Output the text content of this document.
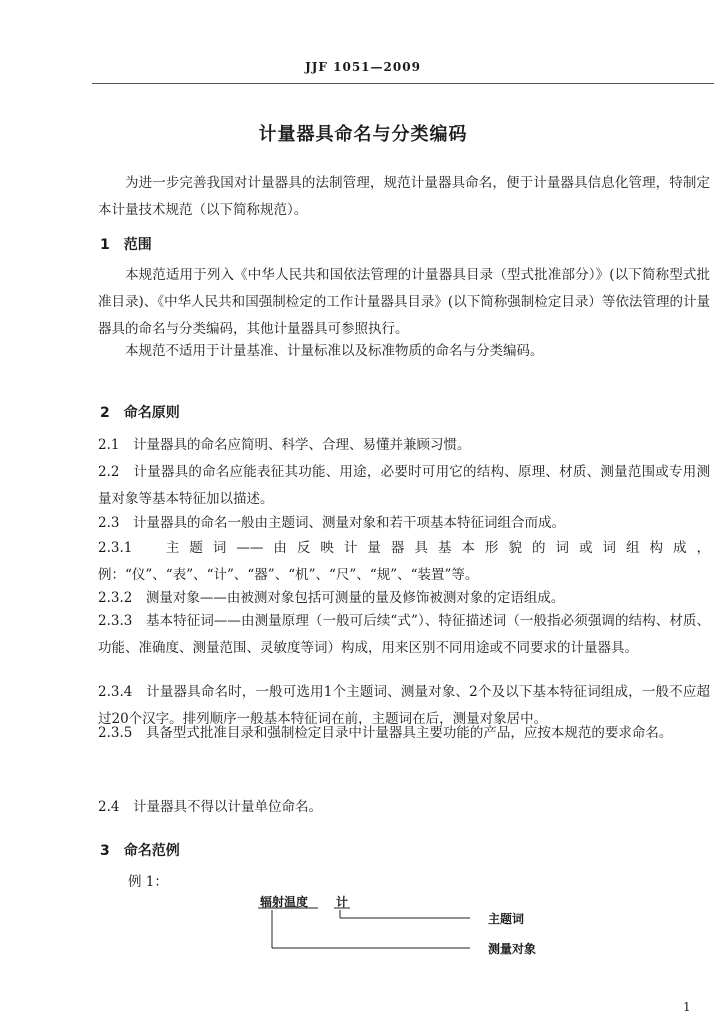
JJF 1051—2009
计量器具命名与分类编码
为进一步完善我国对计量器具的法制管理，规范计量器具命名，便于计量器具信息化管理，特制定本计量技术规范（以下简称规范）。
1　范围
本规范适用于列入《中华人民共和国依法管理的计量器具目录（型式批准部分）》(以下简称型式批准目录)、《中华人民共和国强制检定的工作计量器具目录》(以下简称强制检定目录）等依法管理的计量器具的命名与分类编码，其他计量器具可参照执行。
本规范不适用于计量基准、计量标准以及标准物质的命名与分类编码。
2　命名原则
2.1　计量器具的命名应简明、科学、合理、易懂并兼顾习惯。
2.2　计量器具的命名应能表征其功能、用途，必要时可用它的结构、原理、材质、测量范围或专用测量对象等基本特征加以描述。
2.3　计量器具的命名一般由主题词、测量对象和若干项基本特征词组合而成。
2.3.1　主题词——由反映计量器具基本形貌的词或词组构成，例：“仪”、“表”、“计”、“器”、“机”、“尺”、“规”、“装置”等。
2.3.2　测量对象——由被测对象包括可测量的量及修饰被测对象的定语组成。
2.3.3　基本特征词——由测量原理（一般可后续“式”）、特征描述词（一般指必须强调的结构、材质、功能、准确度、测量范围、灵敏度等词）构成，用来区别不同用途或不同要求的计量器具。
2.3.4　计量器具命名时，一般可选用1个主题词、测量对象、2个及以下基本特征词组成，一般不应超过20个汉字。排列顺序一般基本特征词在前，主题词在后，测量对象居中。
2.3.5　具备型式批准目录和强制检定目录中计量器具主要功能的产品，应按本规范的要求命名。
2.4　计量器具不得以计量单位命名。
3　命名范例
例 1：
辐射温度 计
主题词
测量对象
1
